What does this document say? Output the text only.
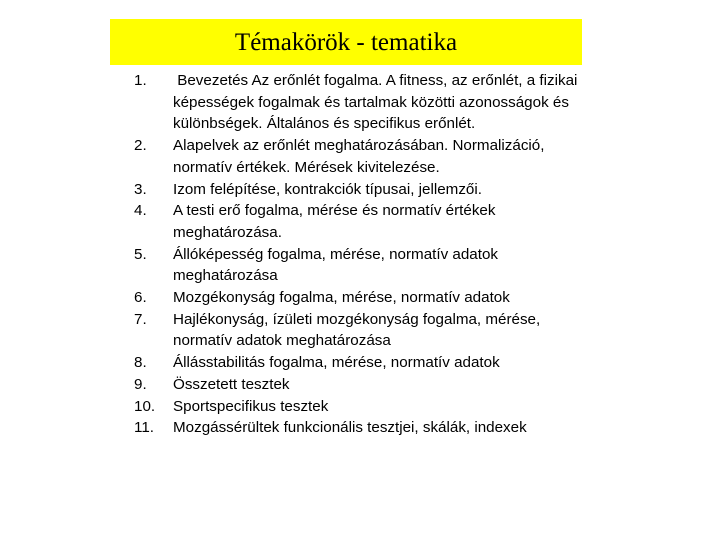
Témakörök - tematika
1.	Bevezetés Az erőnlét fogalma. A fitness, az erőnlét, a fizikai
képességek fogalmak és tartalmak közötti azonosságok és
különbségek. Általános és specifikus erőnlét.
2.	Alapelvek az erőnlét meghatározásában. Normalizáció,
normatív értékek. Mérések kivitelezése.
3.	Izom felépítése, kontrakciók típusai, jellemzői.
4.	A testi erő fogalma, mérése és normatív értékek
meghatározása.
5.	Állóképesség fogalma, mérése, normatív adatok
meghatározása
6.	Mozgékonyság fogalma, mérése, normatív adatok
7.	Hajlékonyság, ízületi mozgékonyság fogalma, mérése,
normatív adatok meghatározása
8.	Állásstabilitás fogalma, mérése, normatív adatok
9.	Összetett tesztek
10.	Sportspecifikus tesztek
11.	Mozgássérültek funkcionális tesztjei, skálák, indexek
